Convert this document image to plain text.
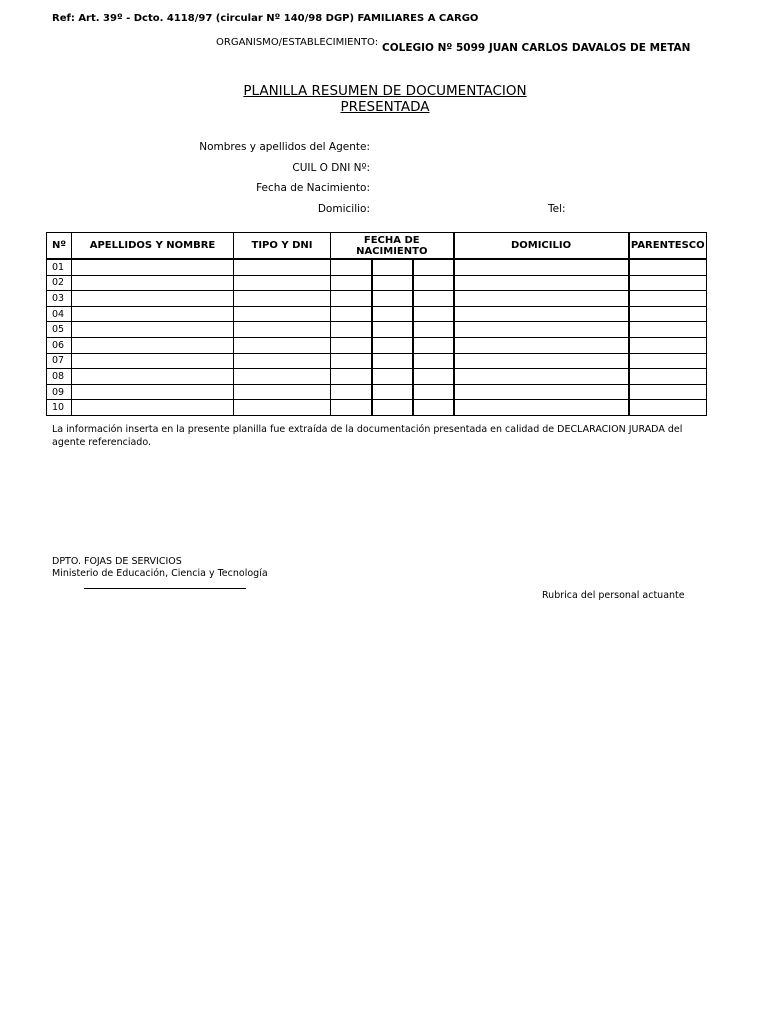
Ref: Art. 39º - Dcto. 4118/97 (circular Nº 140/98 DGP) FAMILIARES A CARGO
ORGANISMO/ESTABLECIMIENTO: COLEGIO Nº 5099 JUAN CARLOS DAVALOS DE METAN
PLANILLA RESUMEN DE DOCUMENTACION
PRESENTADA
Nombres y apellidos del Agente:
CUIL O DNI Nº:
Fecha de Nacimiento:
Domicilio:	Tel:
Nº	APELLIDOS Y NOMBRE	TIPO Y DNI	FECHA DE NACIMIENTO			DOMICILIO	PARENTESCO
01							
02							
03							
04							
05							
06							
07							
08							
09							
10							
La información inserta en la presente planilla fue extraída de la documentación presentada en calidad de DECLARACION JURADA del agente referenciado.
DPTO. FOJAS DE SERVICIOS
Ministerio de Educación, Ciencia y Tecnología
Rubrica del personal actuante
